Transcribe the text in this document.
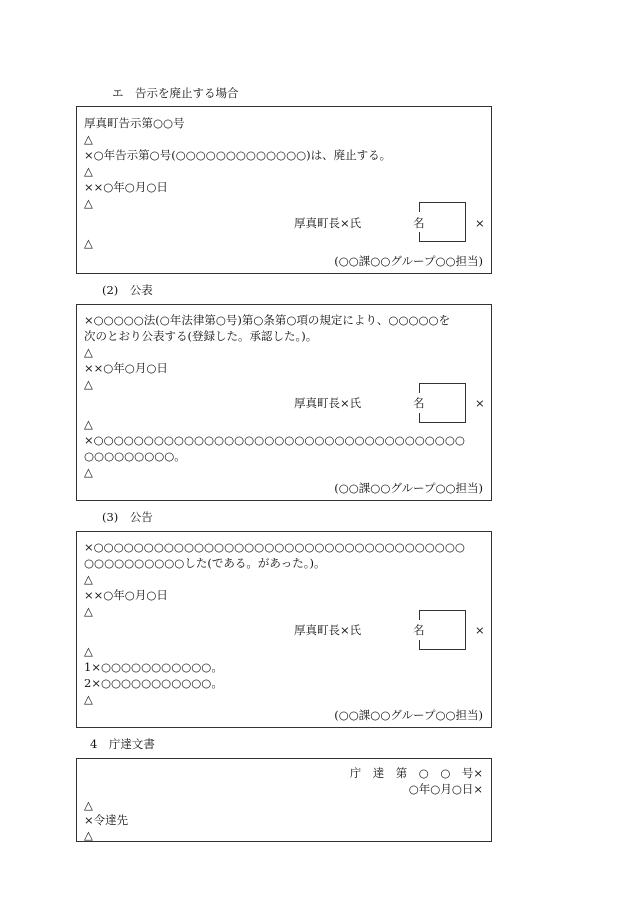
エ　告示を廃止する場合
厚真町告示第○○号
△
×○年告示第○号(○○○○○○○○○○○○○)は、廃止する。
△
××○年○月○日
△
厚真町長×氏	名	×
△
(○○課○○グループ○○担当)
(2)　公表
×○○○○○法(○年法律第○号)第○条第○項の規定により、○○○○○を
次のとおり公表する(登録した。承認した。)。
△
××○年○月○日
△
厚真町長×氏	名	×
△
×○○○○○○○○○○○○○○○○○○○○○○○○○○○○○○○○○○○○○
○○○○○○○○○。
△
(○○課○○グループ○○担当)
(3)　公告
×○○○○○○○○○○○○○○○○○○○○○○○○○○○○○○○○○○○○○
○○○○○○○○○○した(である。があった。)。
△
××○年○月○日
△
厚真町長×氏	名	×
△
1×○○○○○○○○○○○。
2×○○○○○○○○○○○。
△
(○○課○○グループ○○担当)
4　庁達文書
庁　達　第　○　○　号×
○年○月○日×
△
×令達先
△
